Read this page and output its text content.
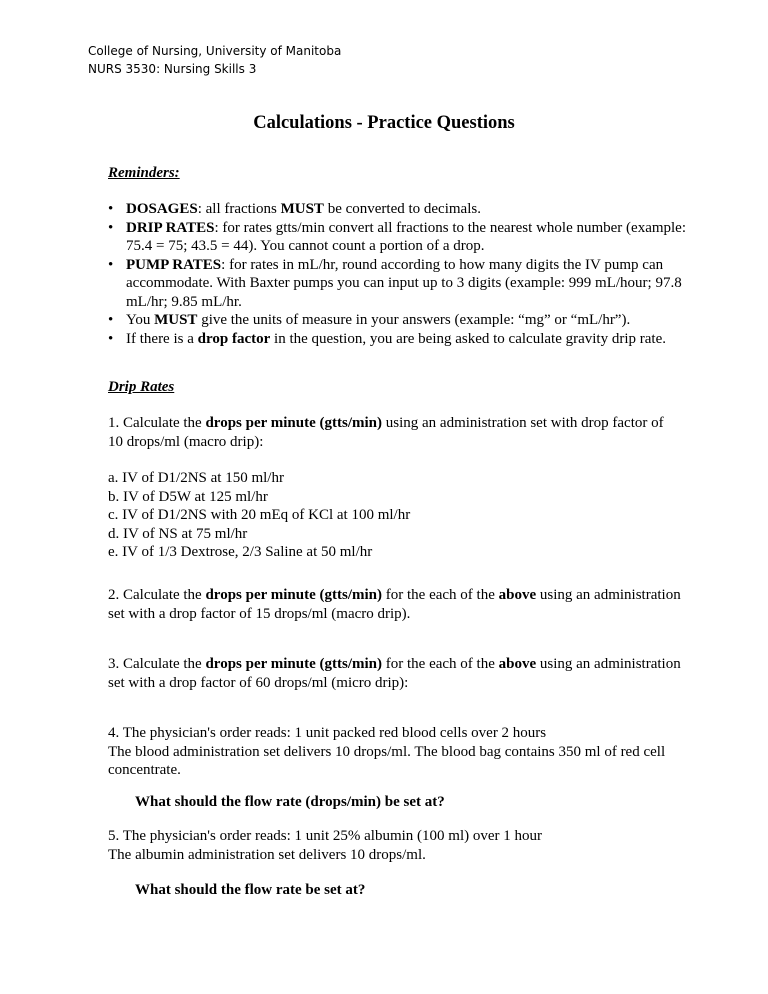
College of Nursing, University of Manitoba
NURS 3530: Nursing Skills 3
Calculations - Practice Questions
Reminders:
• DOSAGES: all fractions MUST be converted to decimals.
• DRIP RATES: for rates gtts/min convert all fractions to the nearest whole number (example: 75.4 = 75; 43.5 = 44). You cannot count a portion of a drop.
• PUMP RATES: for rates in mL/hr, round according to how many digits the IV pump can accommodate. With Baxter pumps you can input up to 3 digits (example: 999 mL/hour; 97.8 mL/hr; 9.85 mL/hr.
• You MUST give the units of measure in your answers (example: “mg” or “mL/hr”).
• If there is a drop factor in the question, you are being asked to calculate gravity drip rate.
Drip Rates
1. Calculate the drops per minute (gtts/min) using an administration set with drop factor of 10 drops/ml (macro drip):
a. IV of D1/2NS at 150 ml/hr
b. IV of D5W at 125 ml/hr
c. IV of D1/2NS with 20 mEq of KCl at 100 ml/hr
d. IV of NS at 75 ml/hr
e. IV of 1/3 Dextrose, 2/3 Saline at 50 ml/hr
2. Calculate the drops per minute (gtts/min) for the each of the above using an administration set with a drop factor of 15 drops/ml (macro drip).
3. Calculate the drops per minute (gtts/min) for the each of the above using an administration set with a drop factor of 60 drops/ml (micro drip):
4. The physician's order reads: 1 unit packed red blood cells over 2 hours
The blood administration set delivers 10 drops/ml. The blood bag contains 350 ml of red cell concentrate.
What should the flow rate (drops/min) be set at?
5. The physician's order reads: 1 unit 25% albumin (100 ml) over 1 hour
The albumin administration set delivers 10 drops/ml.
What should the flow rate be set at?
